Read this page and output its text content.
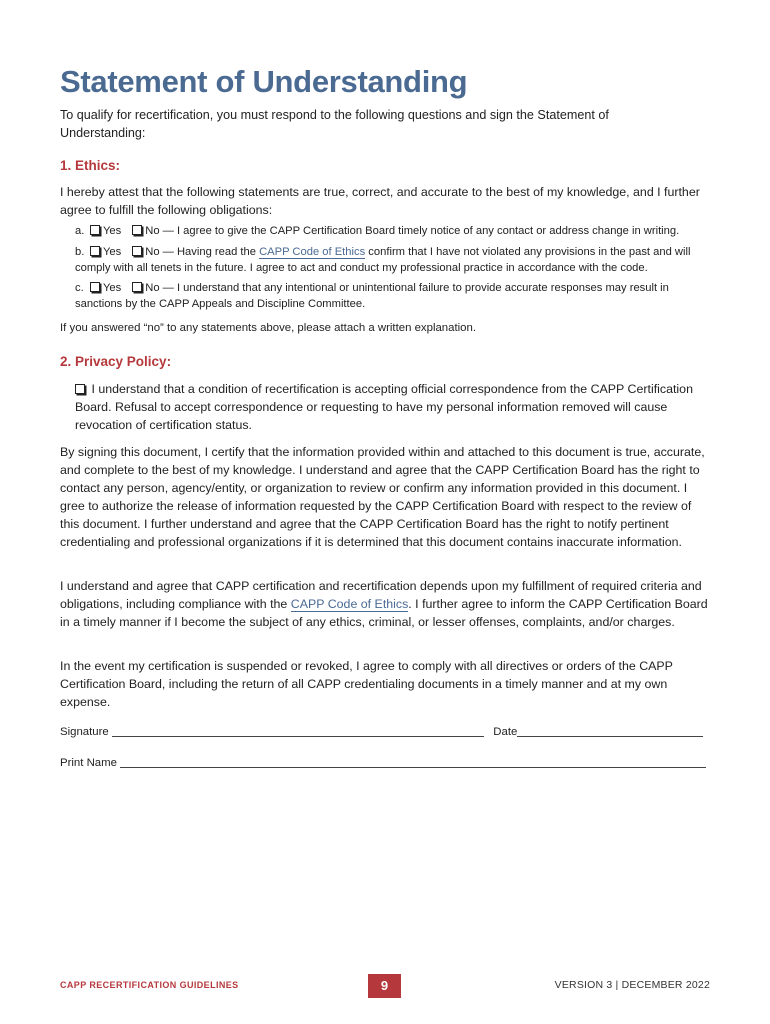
Statement of Understanding

To qualify for recertification, you must respond to the following questions and sign the Statement of Understanding:

1. Ethics:

I hereby attest that the following statements are true, correct, and accurate to the best of my knowledge, and I further agree to fulfill the following obligations:

a. Yes No — I agree to give the CAPP Certification Board timely notice of any contact or address change in writing.
b. Yes No — Having read the CAPP Code of Ethics confirm that I have not violated any provisions in the past and will comply with all tenets in the future. I agree to act and conduct my professional practice in accordance with the code.
c. Yes No — I understand that any intentional or unintentional failure to provide accurate responses may result in sanctions by the CAPP Appeals and Discipline Committee.

If you answered “no” to any statements above, please attach a written explanation.

2. Privacy Policy:

I understand that a condition of recertification is accepting official correspondence from the CAPP Certification Board. Refusal to accept correspondence or requesting to have my personal information removed will cause revocation of certification status.

By signing this document, I certify that the information provided within and attached to this document is true, accurate, and complete to the best of my knowledge. I understand and agree that the CAPP Certification Board has the right to contact any person, agency/entity, or organization to review or confirm any information provided in this document. I gree to authorize the release of information requested by the CAPP Certification Board with respect to the review of this document. I further understand and agree that the CAPP Certification Board has the right to notify pertinent credentialing and professional organizations if it is determined that this document contains inaccurate information.

I understand and agree that CAPP certification and recertification depends upon my fulfillment of required criteria and obligations, including compliance with the CAPP Code of Ethics. I further agree to inform the CAPP Certification Board in a timely manner if I become the subject of any ethics, criminal, or lesser offenses, complaints, and/or charges.

In the event my certification is suspended or revoked, I agree to comply with all directives or orders of the CAPP Certification Board, including the return of all CAPP credentialing documents in a timely manner and at my own expense.

Signature	Date
Print Name
CAPP RECERTIFICATION GUIDELINES	9	VERSION 3 | DECEMBER 2022
